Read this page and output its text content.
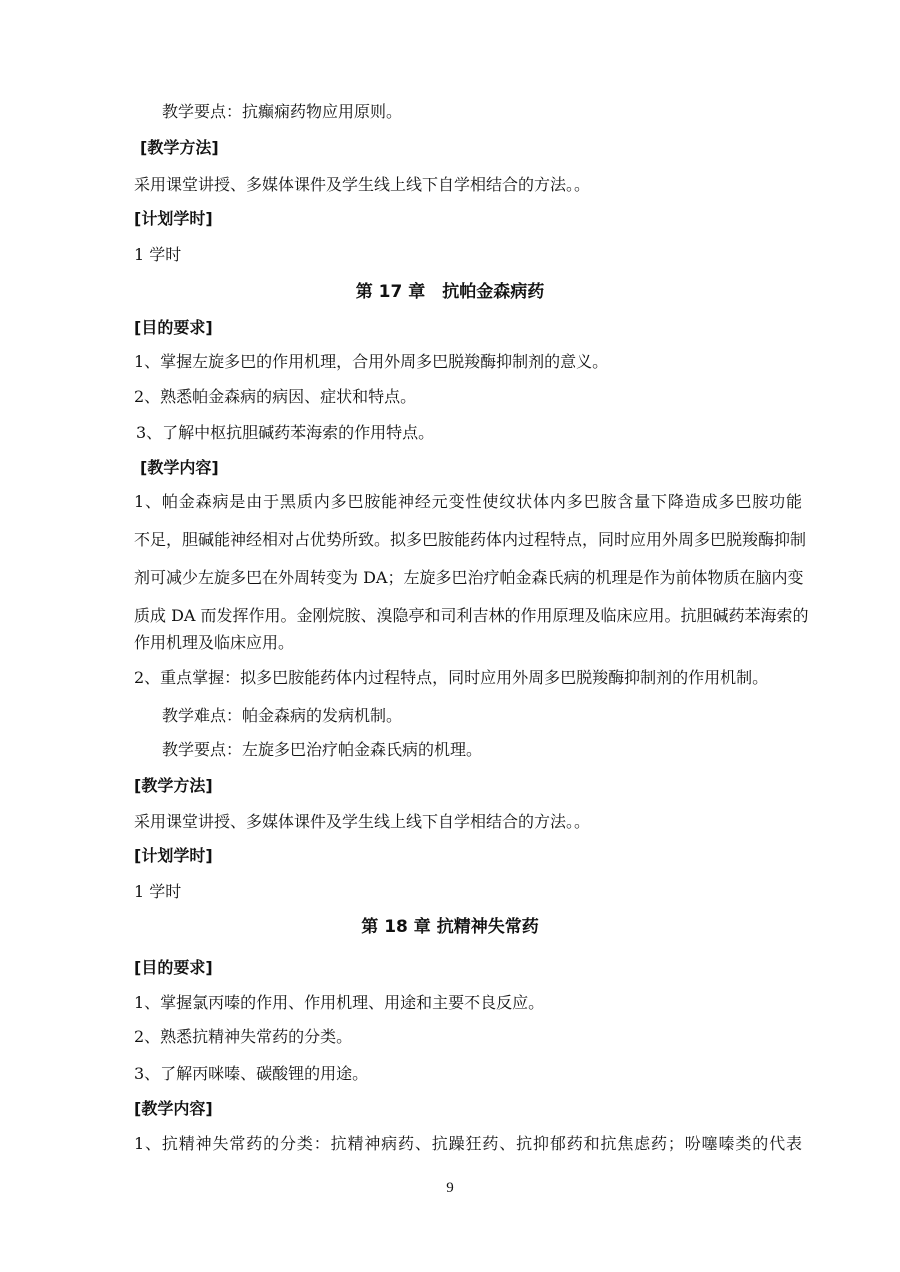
教学要点：抗癫痫药物应用原则。
[教学方法]
采用课堂讲授、多媒体课件及学生线上线下自学相结合的方法。。
[计划学时]
1 学时
第 17 章　抗帕金森病药
[目的要求]
1、掌握左旋多巴的作用机理，合用外周多巴脱羧酶抑制剂的意义。
2、熟悉帕金森病的病因、症状和特点。
3、了解中枢抗胆碱药苯海索的作用特点。
[教学内容]
1、帕金森病是由于黑质内多巴胺能神经元变性使纹状体内多巴胺含量下降造成多巴胺功能
不足，胆碱能神经相对占优势所致。拟多巴胺能药体内过程特点，同时应用外周多巴脱羧酶抑制
剂可减少左旋多巴在外周转变为 DA；左旋多巴治疗帕金森氏病的机理是作为前体物质在脑内变
质成 DA 而发挥作用。金刚烷胺、溴隐亭和司利吉林的作用原理及临床应用。抗胆碱药苯海索的
作用机理及临床应用。
2、重点掌握：拟多巴胺能药体内过程特点，同时应用外周多巴脱羧酶抑制剂的作用机制。
教学难点：帕金森病的发病机制。
教学要点：左旋多巴治疗帕金森氏病的机理。
[教学方法]
采用课堂讲授、多媒体课件及学生线上线下自学相结合的方法。。
[计划学时]
1 学时
第 18 章 抗精神失常药
[目的要求]
1、掌握氯丙嗪的作用、作用机理、用途和主要不良反应。
2、熟悉抗精神失常药的分类。
3、了解丙咪嗪、碳酸锂的用途。
[教学内容]
1、抗精神失常药的分类：抗精神病药、抗躁狂药、抗抑郁药和抗焦虑药；吩噻嗪类的代表
9
